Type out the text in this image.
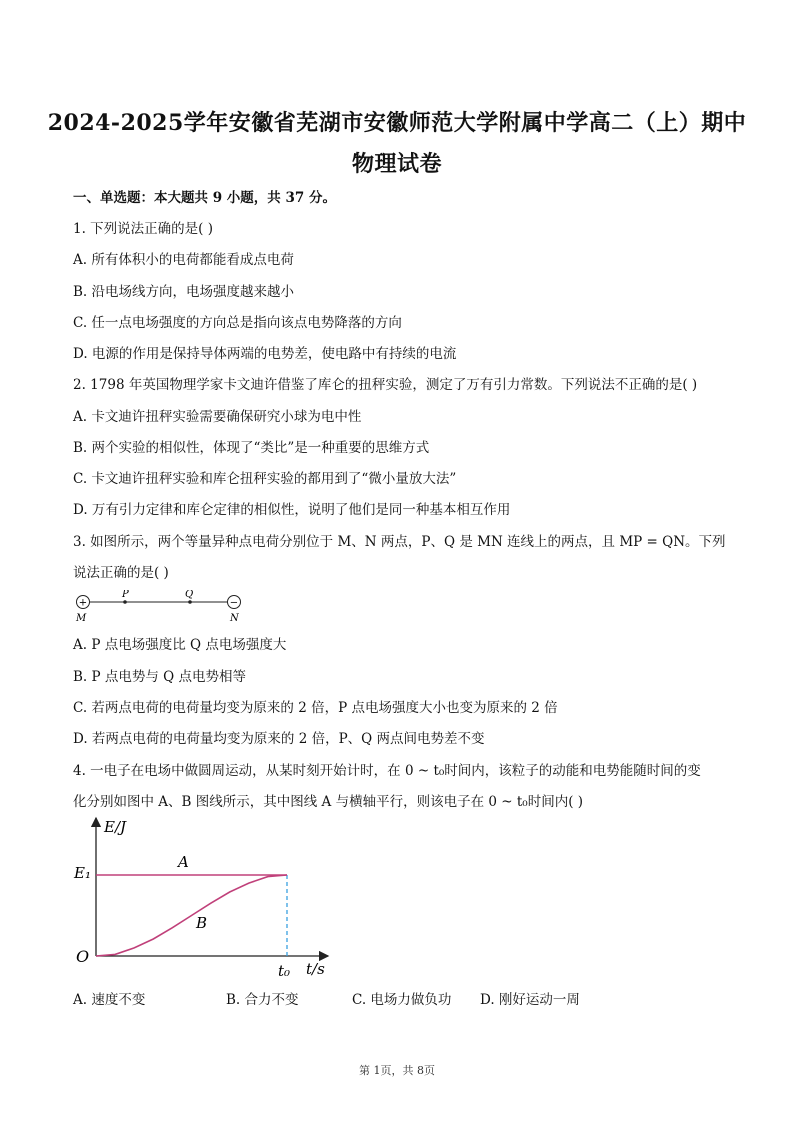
2024-2025学年安徽省芜湖市安徽师范大学附属中学高二（上）期中
物理试卷
一、单选题：本大题共 9 小题，共 37 分。
1. 下列说法正确的是( )
A. 所有体积小的电荷都能看成点电荷
B. 沿电场线方向，电场强度越来越小
C. 任一点电场强度的方向总是指向该点电势降落的方向
D. 电源的作用是保持导体两端的电势差，使电路中有持续的电流
2. 1798 年英国物理学家卡文迪许借鉴了库仑的扭秤实验，测定了万有引力常数。下列说法不正确的是( )
A. 卡文迪许扭秤实验需要确保研究小球为电中性
B. 两个实验的相似性，体现了“类比”是一种重要的思维方式
C. 卡文迪许扭秤实验和库仑扭秤实验的都用到了“微小量放大法”
D. 万有引力定律和库仑定律的相似性，说明了他们是同一种基本相互作用
3. 如图所示，两个等量异种点电荷分别位于 M、N 两点，P、Q 是 MN 连线上的两点，且 MP = QN。下列
说法正确的是( )
+	−
P	Q
M	N
A. P 点电场强度比 Q 点电场强度大
B. P 点电势与 Q 点电势相等
C. 若两点电荷的电荷量均变为原来的 2 倍，P 点电场强度大小也变为原来的 2 倍
D. 若两点电荷的电荷量均变为原来的 2 倍，P、Q 两点间电势差不变
4. 一电子在电场中做圆周运动，从某时刻开始计时，在 0 ~ t₀时间内，该粒子的动能和电势能随时间的变
化分别如图中 A、B 图线所示，其中图线 A 与横轴平行，则该电子在 0 ~ t₀时间内( )
E/J
t/s
O
E₁
t₀
A
B
A. 速度不变	B. 合力不变	C. 电场力做负功 D. 刚好运动一周
第 1页，共 8页
